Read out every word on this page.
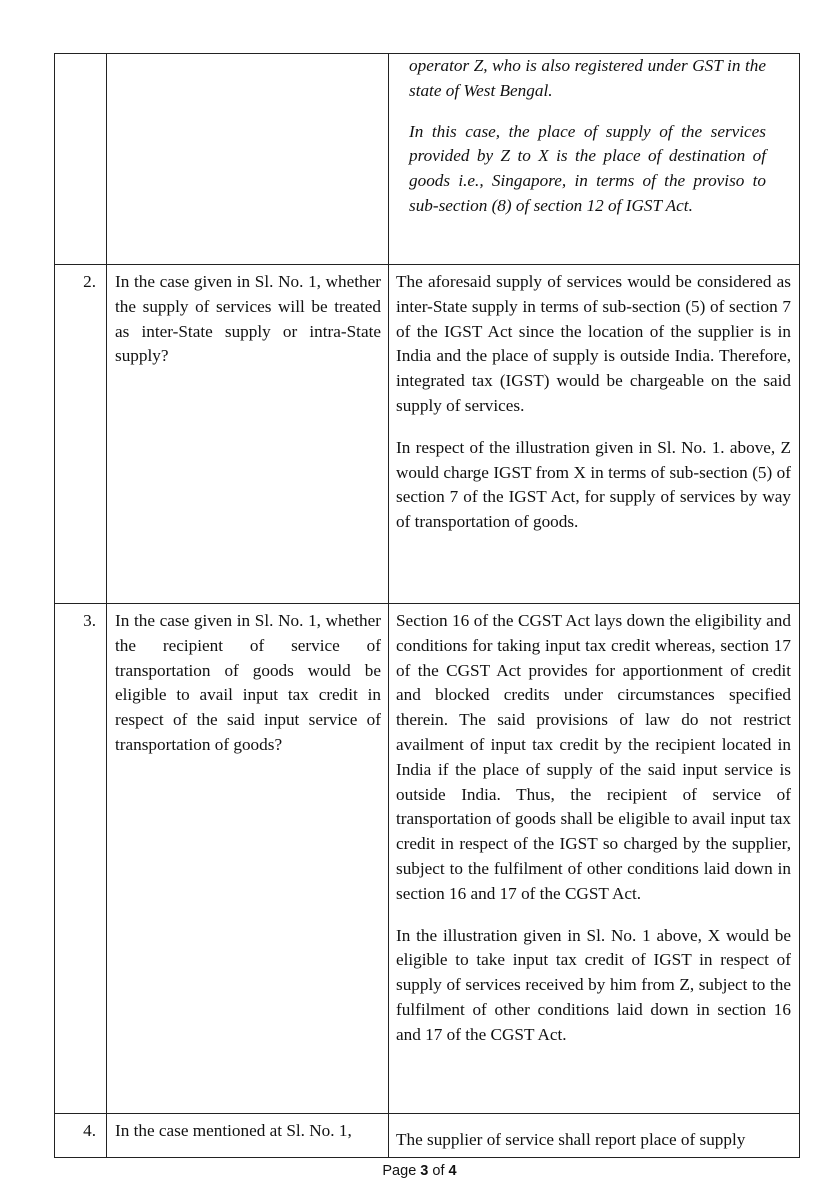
		operator Z, who is also registered under GST in the state of West Bengal.

In this case, the place of supply of the services provided by Z to X is the place of destination of goods i.e., Singapore, in terms of the proviso to sub-section (8) of section 12 of IGST Act.

2.	In the case given in Sl. No. 1, whether the supply of services will be treated as inter-State supply or intra-State supply?	The aforesaid supply of services would be considered as inter-State supply in terms of sub-section (5) of section 7 of the IGST Act since the location of the supplier is in India and the place of supply is outside India. Therefore, integrated tax (IGST) would be chargeable on the said supply of services.

In respect of the illustration given in Sl. No. 1. above, Z would charge IGST from X in terms of sub-section (5) of section 7 of the IGST Act, for supply of services by way of transportation of goods.

3.	In the case given in Sl. No. 1, whether the recipient of service of transportation of goods would be eligible to avail input tax credit in respect of the said input service of transportation of goods?	Section 16 of the CGST Act lays down the eligibility and conditions for taking input tax credit whereas, section 17 of the CGST Act provides for apportionment of credit and blocked credits under circumstances specified therein. The said provisions of law do not restrict availment of input tax credit by the recipient located in India if the place of supply of the said input service is outside India. Thus, the recipient of service of transportation of goods shall be eligible to avail input tax credit in respect of the IGST so charged by the supplier, subject to the fulfilment of other conditions laid down in section 16 and 17 of the CGST Act.

In the illustration given in Sl. No. 1 above, X would be eligible to take input tax credit of IGST in respect of supply of services received by him from Z, subject to the fulfilment of other conditions laid down in section 16 and 17 of the CGST Act.

4.	In the case mentioned at Sl. No. 1,	The supplier of service shall report place of supply

Page 3 of 4
